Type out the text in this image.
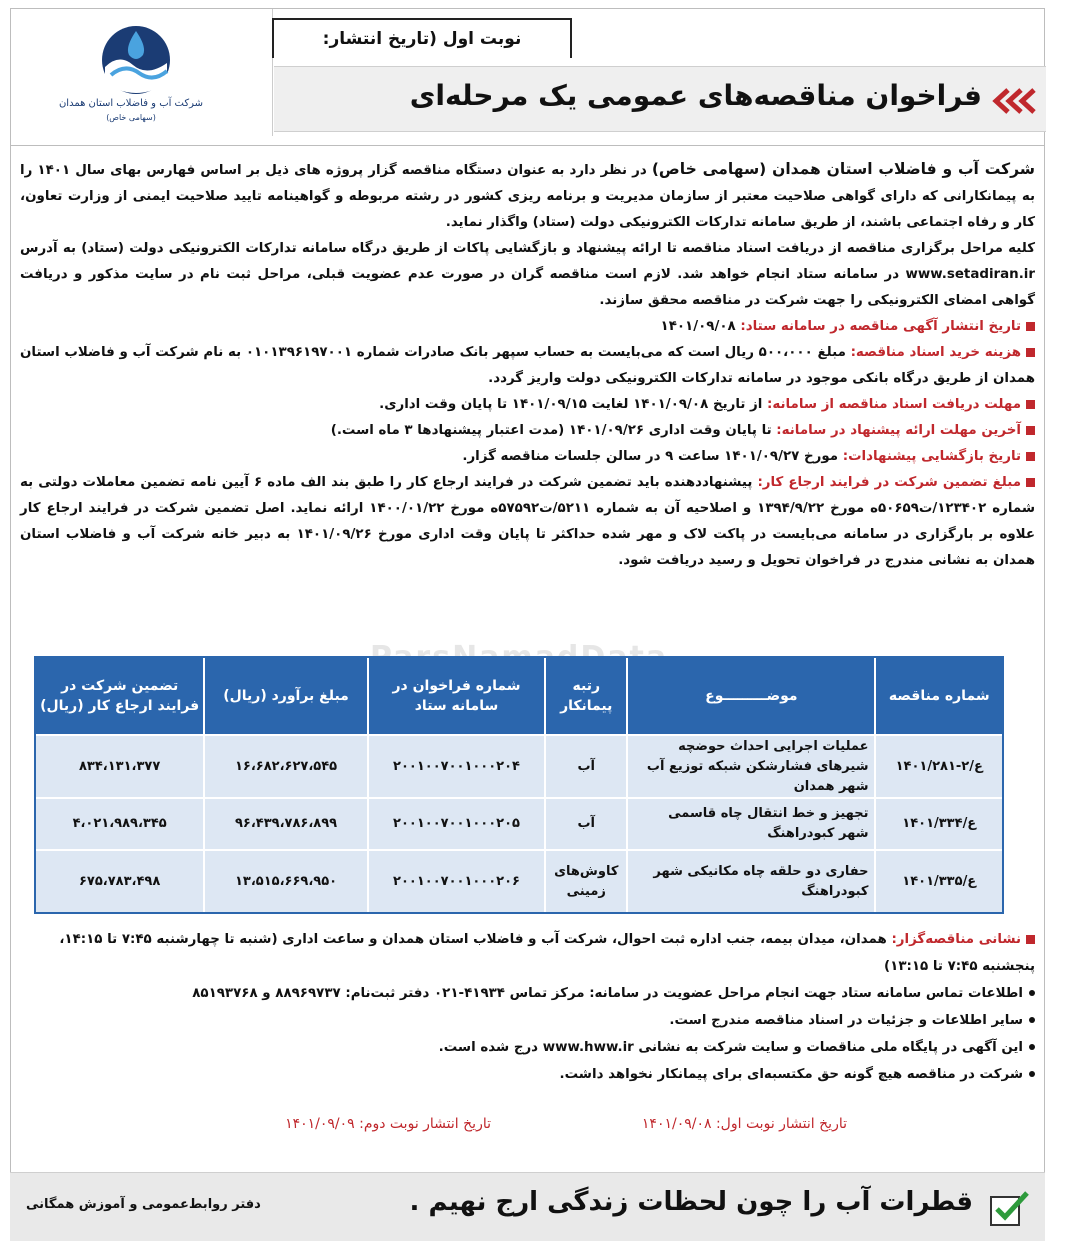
شرکت آب و فاضلاب استان همدان
(سهامی خاص)
نوبت اول (تاریخ انتشار:
فراخوان مناقصه‌های عمومی یک مرحله‌ای

شرکت آب و فاضلاب استان همدان (سهامی خاص) در نظر دارد به عنوان دستگاه مناقصه گزار پروژه های ذیل بر اساس فهارس بهای سال ۱۴۰۱ را به پیمانکارانی که دارای گواهی صلاحیت معتبر از سازمان مدیریت و برنامه ریزی کشور در رشته مربوطه و گواهینامه تایید صلاحیت ایمنی از وزارت تعاون، کار و رفاه اجتماعی باشند، از طریق سامانه تدارکات الکترونیکی دولت (ستاد) واگذار نماید.

کلیه مراحل برگزاری مناقصه از دریافت اسناد مناقصه تا ارائه پیشنهاد و بازگشایی پاکات از طریق درگاه سامانه تدارکات الکترونیکی دولت (ستاد) به آدرس www.setadiran.ir در سامانه ستاد انجام خواهد شد. لازم است مناقصه گران در صورت عدم عضویت قبلی، مراحل ثبت نام در سایت مذکور و دریافت گواهی امضای الکترونیکی را جهت شرکت در مناقصه محقق سازند.

تاریخ انتشار آگهی مناقصه در سامانه ستاد: ۱۴۰۱/۰۹/۰۸

هزینه خرید اسناد مناقصه: مبلغ ۵۰۰،۰۰۰ ریال است که می‌بایست به حساب سپهر بانک صادرات شماره ۰۱۰۱۳۹۶۱۹۷۰۰۱ به نام شرکت آب و فاضلاب استان همدان از طریق درگاه بانکی موجود در سامانه تدارکات الکترونیکی دولت واریز گردد.

مهلت دریافت اسناد مناقصه از سامانه: از تاریخ ۱۴۰۱/۰۹/۰۸ لغایت ۱۴۰۱/۰۹/۱۵ تا پایان وقت اداری.

آخرین مهلت ارائه پیشنهاد در سامانه: تا پایان وقت اداری ۱۴۰۱/۰۹/۲۶ (مدت اعتبار پیشنهادها ۳ ماه است.)

تاریخ بازگشایی پیشنهادات: مورخ ۱۴۰۱/۰۹/۲۷ ساعت ۹ در سالن جلسات مناقصه گزار.

مبلغ تضمین شرکت در فرایند ارجاع کار: پیشنهاددهنده باید تضمین شرکت در فرایند ارجاع کار را طبق بند الف ماده ۶ آیین نامه تضمین معاملات دولتی به شماره ۱۲۳۴۰۲/ت۵۰۶۵۹ه مورخ ۱۳۹۴/۹/۲۲ و اصلاحیه آن به شماره ۵۲۱۱/ت۵۷۵۹۲ه مورخ ۱۴۰۰/۰۱/۲۲ ارائه نماید. اصل تضمین شرکت در فرایند ارجاع کار علاوه بر بارگزاری در سامانه می‌بایست در پاکت لاک و مهر شده حداکثر تا پایان وقت اداری مورخ ۱۴۰۱/۰۹/۲۶ به دبیر خانه شرکت آب و فاضلاب استان همدان به نشانی مندرج در فراخوان تحویل و رسید دریافت شود.

شماره مناقصه	موضـــــــــوع	رتبه پیمانکار	شماره فراخوان در سامانه ستاد	مبلغ برآورد (ریال)	تضمین شرکت در فرایند ارجاع کار (ریال)
ع/۲-۱۴۰۱/۲۸۱	عملیات اجرایی احداث حوضچه شیرهای فشارشکن شبکه توزیع آب شهر همدان	آب	۲۰۰۱۰۰۷۰۰۱۰۰۰۲۰۴	۱۶،۶۸۲،۶۲۷،۵۴۵	۸۳۴،۱۳۱،۳۷۷
ع/۱۴۰۱/۳۳۴	تجهیز و خط انتقال چاه قاسمی شهر کبودراهنگ	آب	۲۰۰۱۰۰۷۰۰۱۰۰۰۲۰۵	۹۶،۴۳۹،۷۸۶،۸۹۹	۴،۰۲۱،۹۸۹،۳۴۵
ع/۱۴۰۱/۳۳۵	حفاری دو حلقه چاه مکانیکی شهر کبودراهنگ	کاوش‌های زمینی	۲۰۰۱۰۰۷۰۰۱۰۰۰۲۰۶	۱۳،۵۱۵،۶۶۹،۹۵۰	۶۷۵،۷۸۳،۴۹۸

نشانی مناقصه‌گزار: همدان، میدان بیمه، جنب اداره ثبت احوال، شرکت آب و فاضلاب استان همدان و ساعت اداری (شنبه تا چهارشنبه ۷:۴۵ تا ۱۴:۱۵، پنجشنبه ۷:۴۵ تا ۱۳:۱۵)

اطلاعات تماس سامانه ستاد جهت انجام مراحل عضویت در سامانه: مرکز تماس ۴۱۹۳۴-۰۲۱ دفتر ثبت‌نام: ۸۸۹۶۹۷۳۷ و ۸۵۱۹۳۷۶۸

سایر اطلاعات و جزئیات در اسناد مناقصه مندرج است.

این آگهی در پایگاه ملی مناقصات و سایت شرکت به نشانی www.hww.ir درج شده است.

شرکت در مناقصه هیچ گونه حق مکتسبه‌ای برای پیمانکار نخواهد داشت.

تاریخ انتشار نوبت اول: ۱۴۰۱/۰۹/۰۸
تاریخ انتشار نوبت دوم: ۱۴۰۱/۰۹/۰۹
قطرات آب را چون لحظات زندگی ارج نهیم .
دفتر روابط‌عمومی و آموزش همگانی
